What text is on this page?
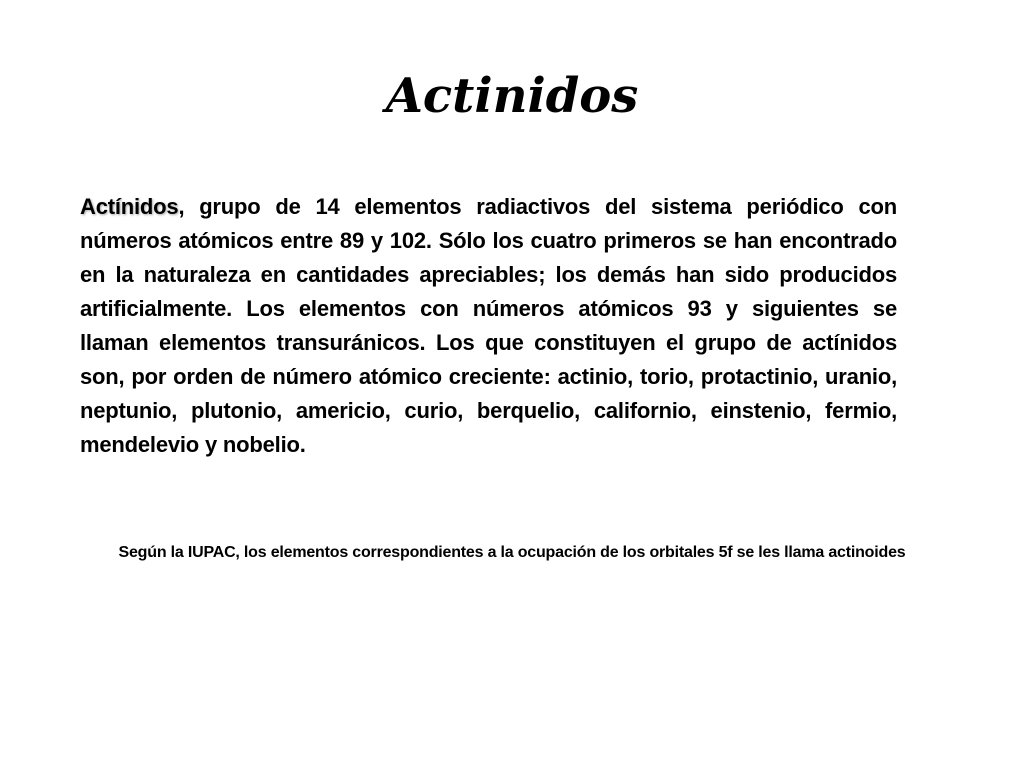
Actinidos

Actínidos, grupo de 14 elementos radiactivos del sistema periódico con números atómicos entre 89 y 102. Sólo los cuatro primeros se han encontrado en la naturaleza en cantidades apreciables; los demás han sido producidos artificialmente. Los elementos con números atómicos 93 y siguientes se llaman elementos transuránicos. Los que constituyen el grupo de actínidos son, por orden de número atómico creciente: actinio, torio, protactinio, uranio, neptunio, plutonio, americio, curio, berquelio, californio, einstenio, fermio, mendelevio y nobelio.

Según la IUPAC, los elementos correspondientes a la ocupación de los orbitales 5f se les llama actinoides
